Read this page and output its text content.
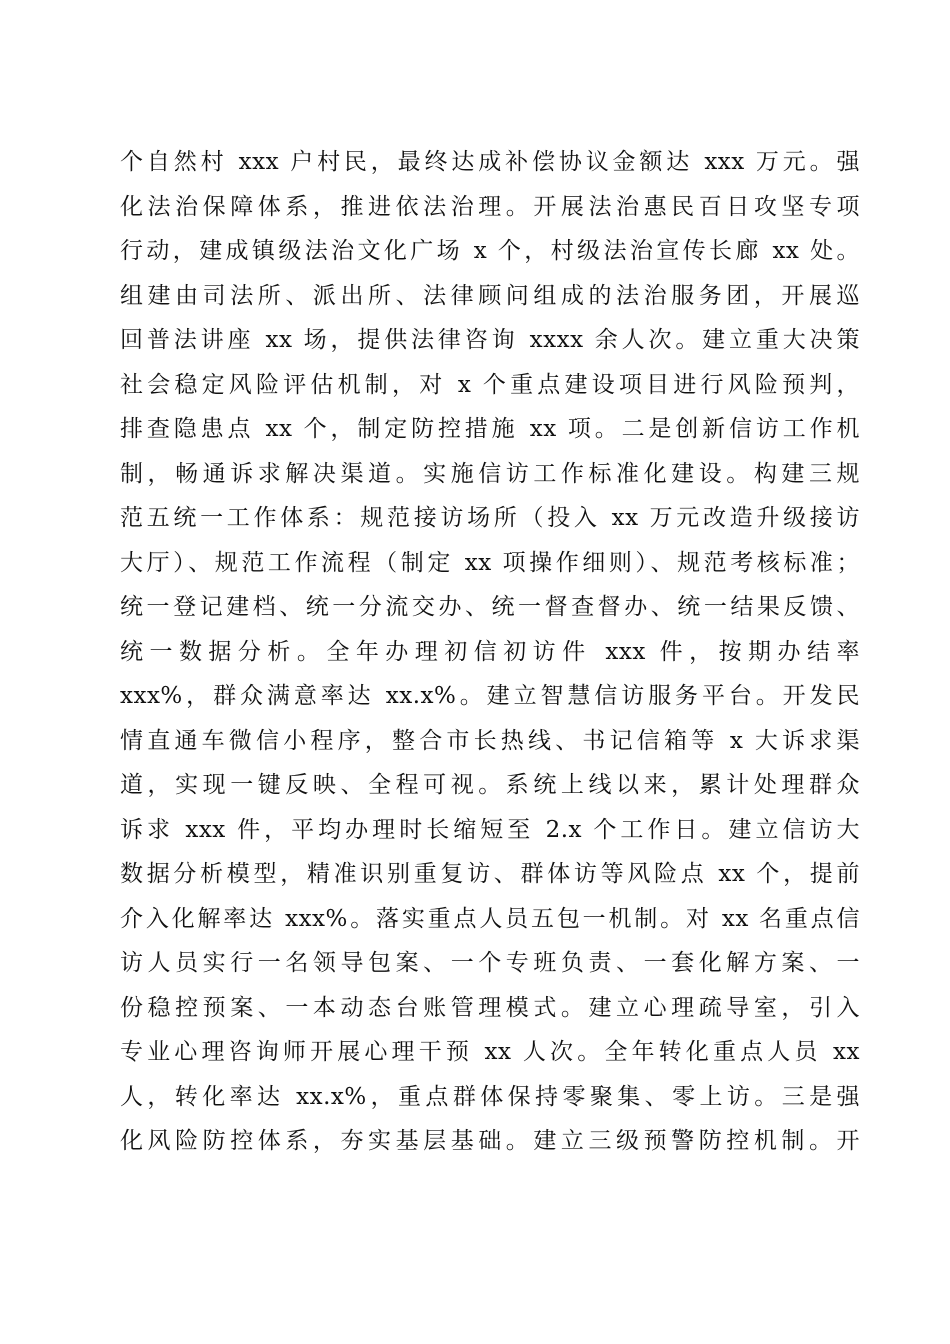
个自然村 xxx 户村民，最终达成补偿协议金额达 xxx 万元。强
化法治保障体系，推进依法治理。开展法治惠民百日攻坚专项
行动，建成镇级法治文化广场 x 个，村级法治宣传长廊 xx 处。
组建由司法所、派出所、法律顾问组成的法治服务团，开展巡
回普法讲座 xx 场，提供法律咨询 xxxx 余人次。建立重大决策
社会稳定风险评估机制，对 x 个重点建设项目进行风险预判，
排查隐患点 xx 个，制定防控措施 xx 项。二是创新信访工作机
制，畅通诉求解决渠道。实施信访工作标准化建设。构建三规
范五统一工作体系：规范接访场所（投入 xx 万元改造升级接访
大厅）、规范工作流程（制定 xx 项操作细则）、规范考核标准；
统一登记建档、统一分流交办、统一督查督办、统一结果反馈、
统一数据分析。全年办理初信初访件 xxx 件，按期办结率
xxx%，群众满意率达 xx.x%。建立智慧信访服务平台。开发民
情直通车微信小程序，整合市长热线、书记信箱等 x 大诉求渠
道，实现一键反映、全程可视。系统上线以来，累计处理群众
诉求 xxx 件，平均办理时长缩短至 2.x 个工作日。建立信访大
数据分析模型，精准识别重复访、群体访等风险点 xx 个，提前
介入化解率达 xxx%。落实重点人员五包一机制。对 xx 名重点信
访人员实行一名领导包案、一个专班负责、一套化解方案、一
份稳控预案、一本动态台账管理模式。建立心理疏导室，引入
专业心理咨询师开展心理干预 xx 人次。全年转化重点人员 xx
人，转化率达 xx.x%，重点群体保持零聚集、零上访。三是强
化风险防控体系，夯实基层基础。建立三级预警防控机制。开
